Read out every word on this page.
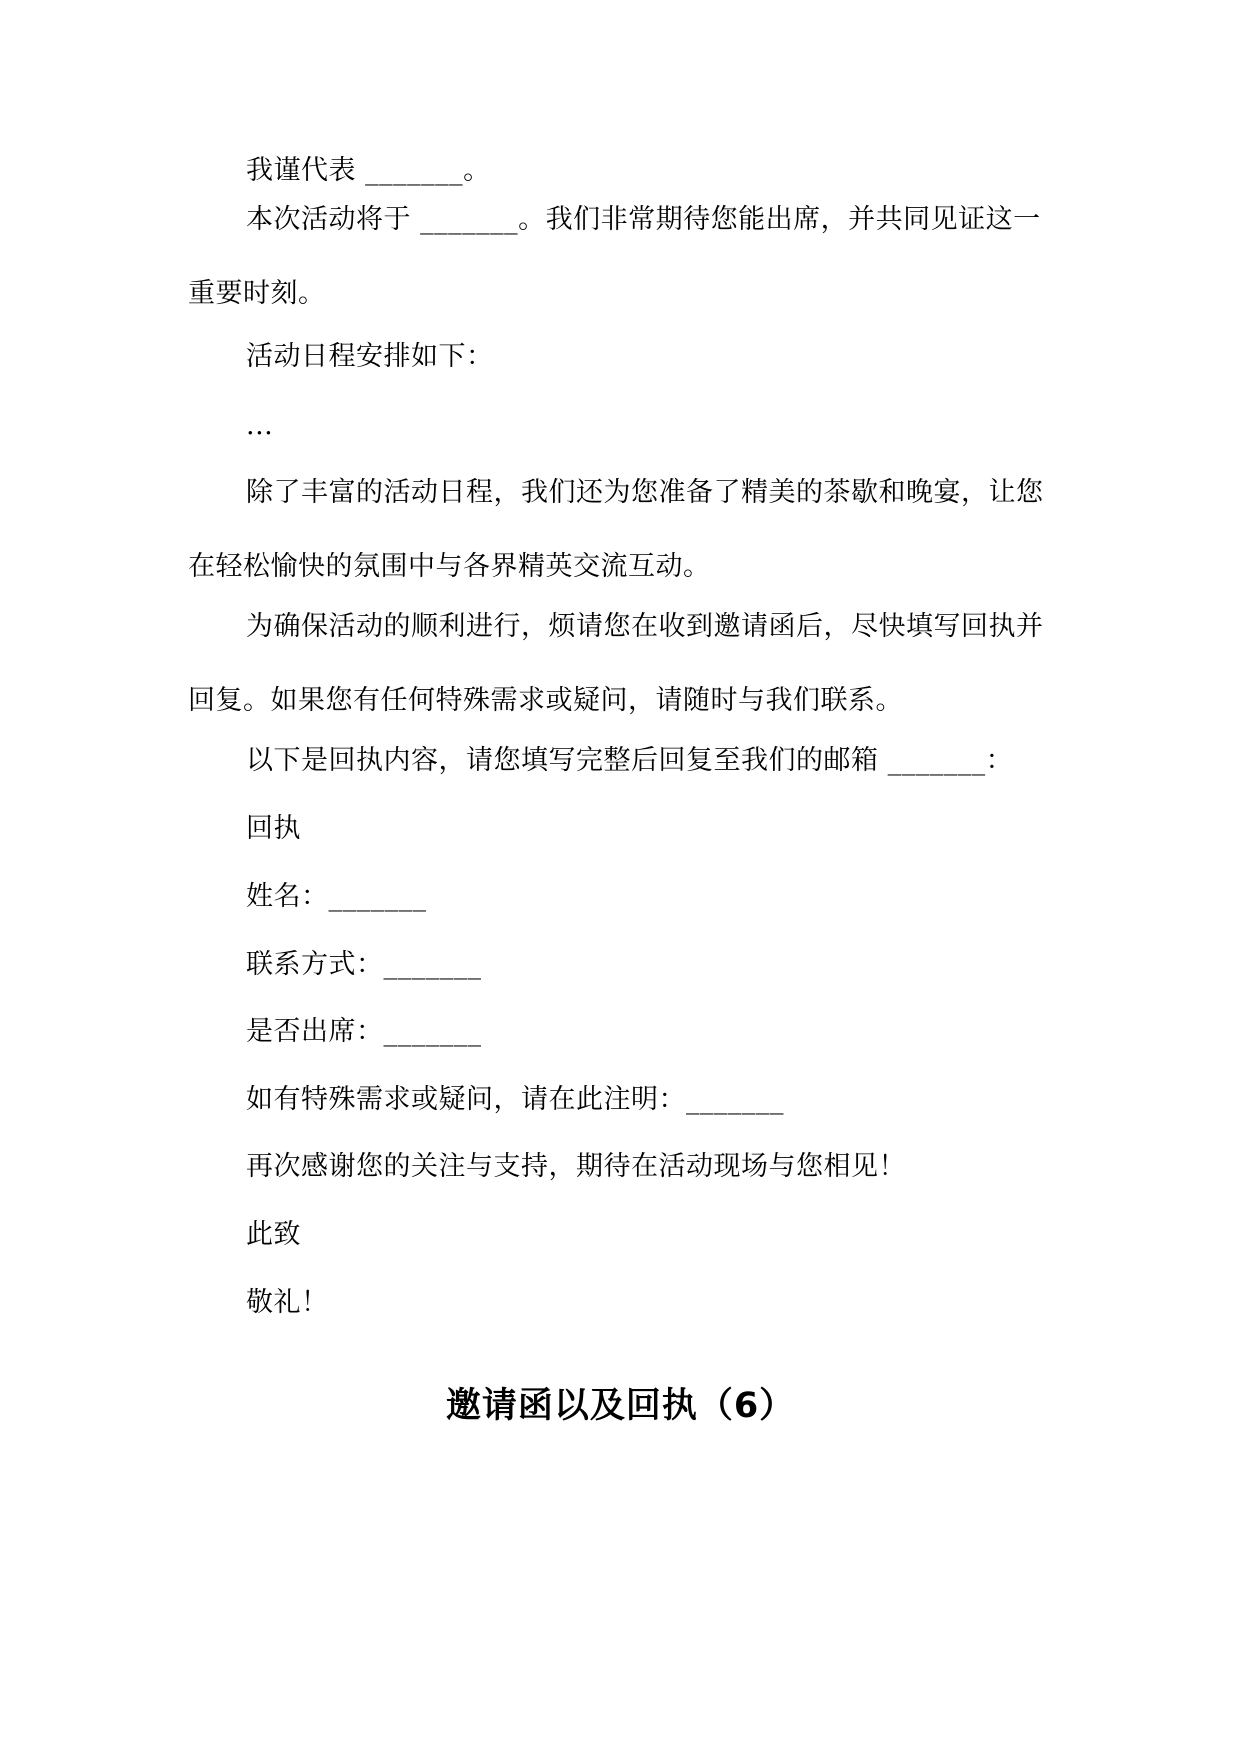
我谨代表 _______。

本次活动将于 _______。我们非常期待您能出席，并共同见证这一重要时刻。

活动日程安排如下：

...

除了丰富的活动日程，我们还为您准备了精美的茶歇和晚宴，让您在轻松愉快的氛围中与各界精英交流互动。

为确保活动的顺利进行，烦请您在收到邀请函后，尽快填写回执并回复。如果您有任何特殊需求或疑问，请随时与我们联系。

以下是回执内容，请您填写完整后回复至我们的邮箱 _______：

回执

姓名：_______

联系方式：_______

是否出席：_______

如有特殊需求或疑问，请在此注明：_______

再次感谢您的关注与支持，期待在活动现场与您相见！

此致

敬礼！

邀请函以及回执（6）
